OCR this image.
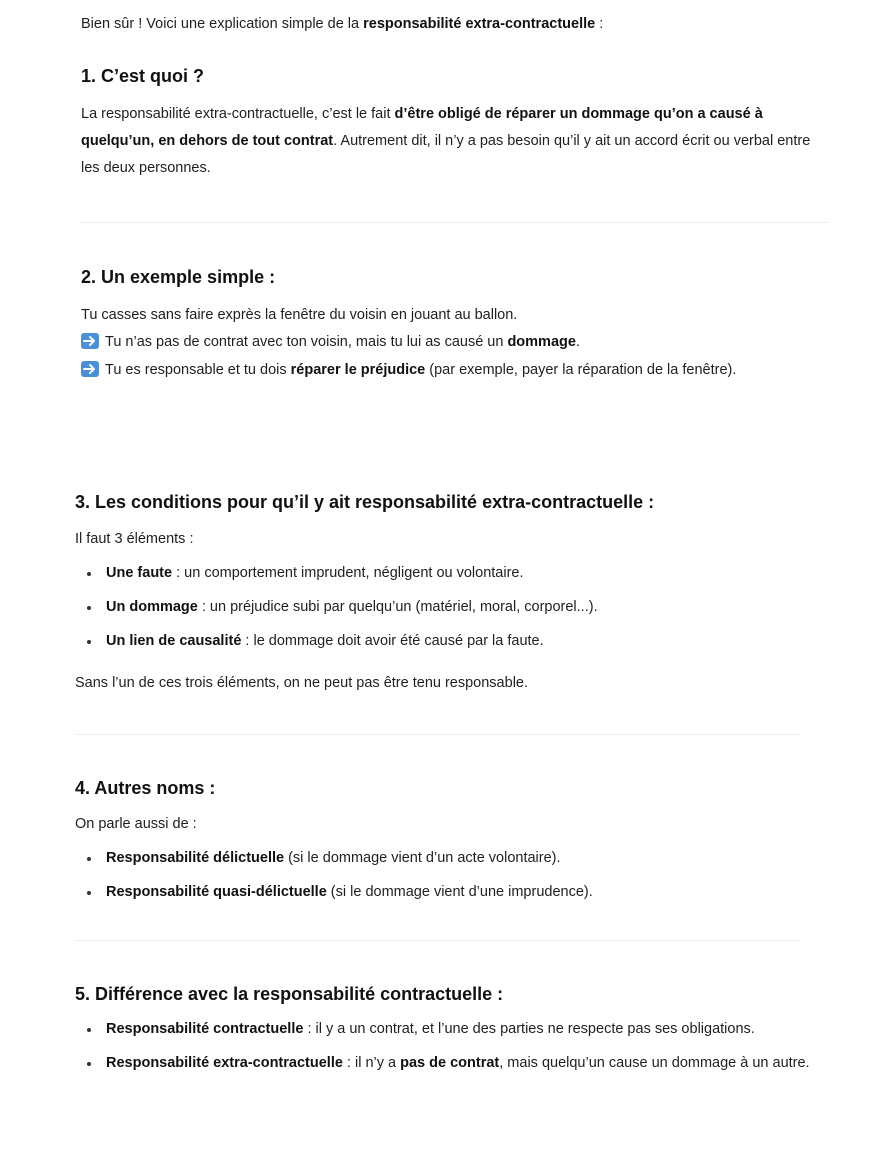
Bien sûr ! Voici une explication simple de la responsabilité extra-contractuelle :

1. C’est quoi ?

La responsabilité extra-contractuelle, c’est le fait d’être obligé de réparer un dommage qu’on a causé à quelqu’un, en dehors de tout contrat. Autrement dit, il n’y a pas besoin qu’il y ait un accord écrit ou verbal entre les deux personnes.

2. Un exemple simple :

Tu casses sans faire exprès la fenêtre du voisin en jouant au ballon.

Tu n’as pas de contrat avec ton voisin, mais tu lui as causé un dommage.

Tu es responsable et tu dois réparer le préjudice (par exemple, payer la réparation de la fenêtre).

3. Les conditions pour qu’il y ait responsabilité extra-contractuelle :

Il faut 3 éléments :

Une faute : un comportement imprudent, négligent ou volontaire.
Un dommage : un préjudice subi par quelqu’un (matériel, moral, corporel...).
Un lien de causalité : le dommage doit avoir été causé par la faute.

Sans l’un de ces trois éléments, on ne peut pas être tenu responsable.

4. Autres noms :

On parle aussi de :

Responsabilité délictuelle (si le dommage vient d’un acte volontaire).
Responsabilité quasi-délictuelle (si le dommage vient d’une imprudence).
5. Différence avec la responsabilité contractuelle :
Responsabilité contractuelle : il y a un contrat, et l’une des parties ne respecte pas ses obligations.
Responsabilité extra-contractuelle : il n’y a pas de contrat, mais quelqu’un cause un dommage à un autre.
